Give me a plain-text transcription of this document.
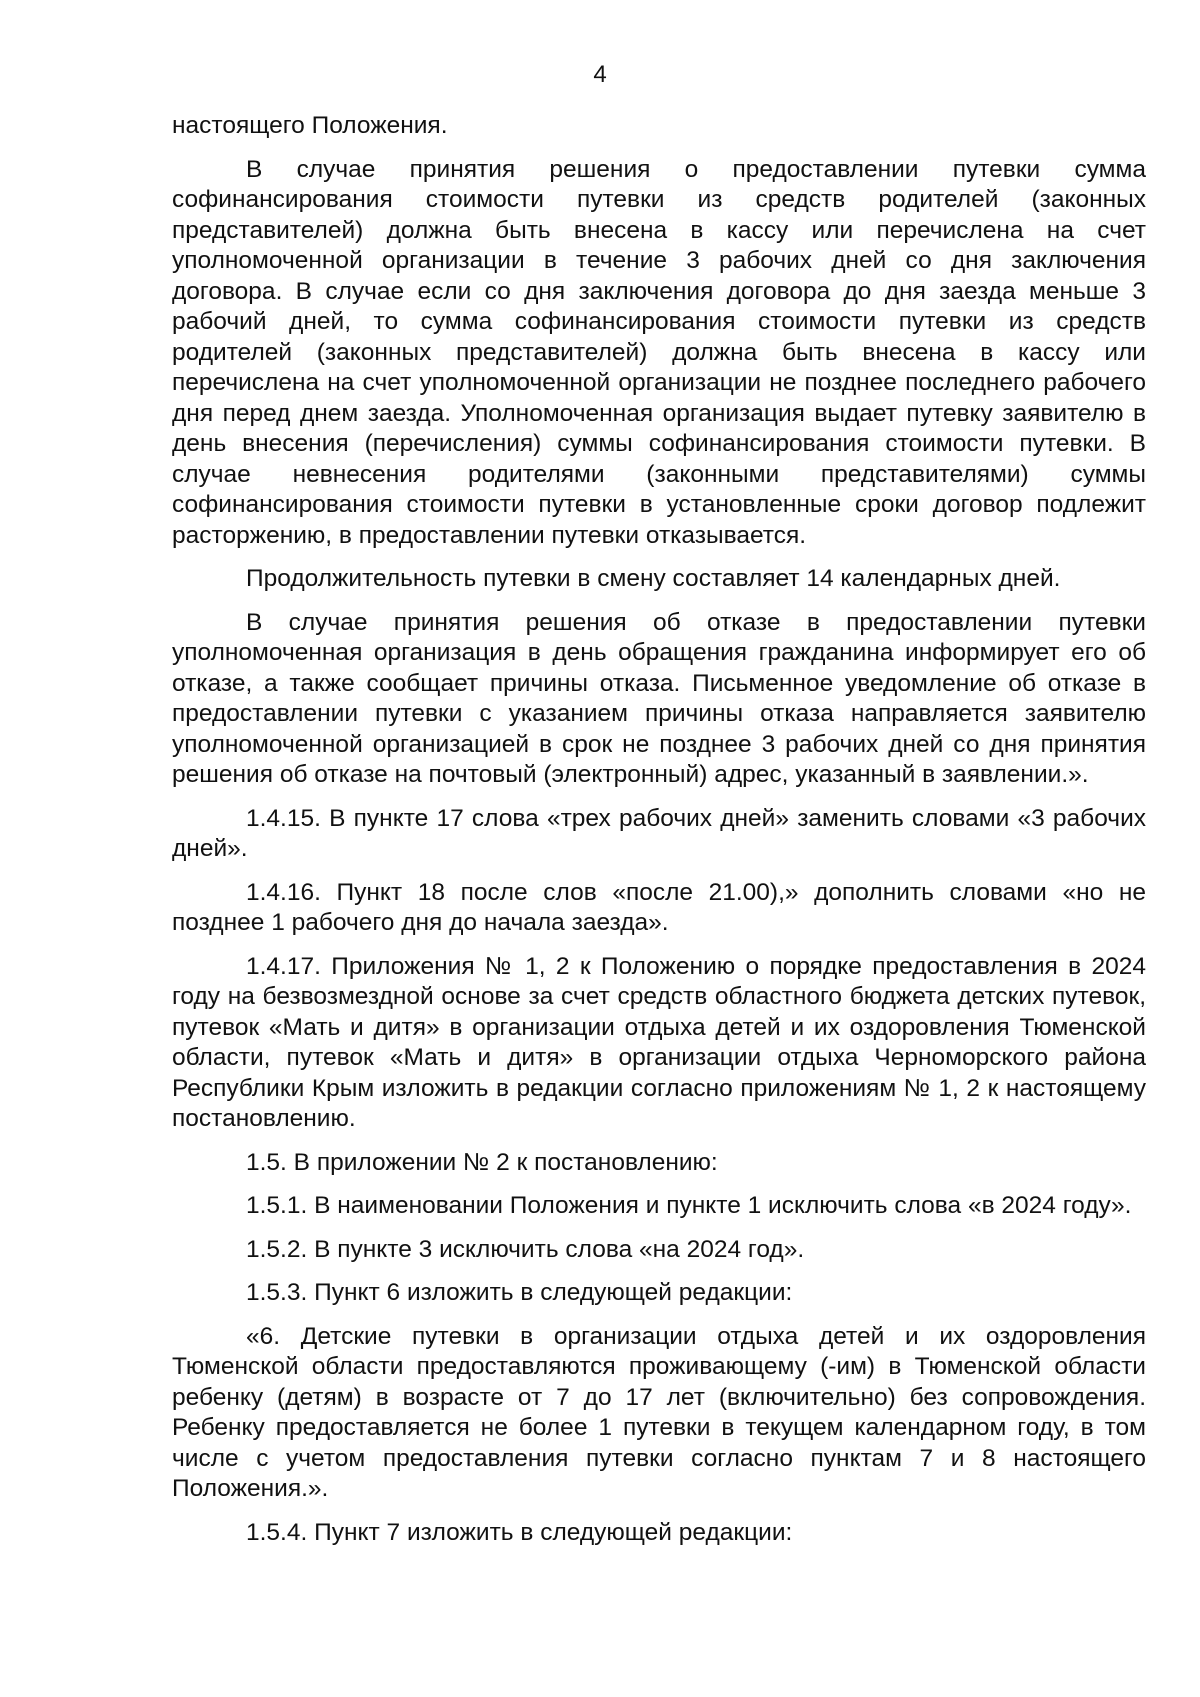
4

настоящего Положения.

В случае принятия решения о предоставлении путевки сумма софинансирования стоимости путевки из средств родителей (законных представителей) должна быть внесена в кассу или перечислена на счет уполномоченной организации в течение 3 рабочих дней со дня заключения договора. В случае если со дня заключения договора до дня заезда меньше 3 рабочий дней, то сумма софинансирования стоимости путевки из средств родителей (законных представителей) должна быть внесена в кассу или перечислена на счет уполномоченной организации не позднее последнего рабочего дня перед днем заезда. Уполномоченная организация выдает путевку заявителю в день внесения (перечисления) суммы софинансирования стоимости путевки. В случае невнесения родителями (законными представителями) суммы софинансирования стоимости путевки в установленные сроки договор подлежит расторжению, в предоставлении путевки отказывается.

Продолжительность путевки в смену составляет 14 календарных дней.

В случае принятия решения об отказе в предоставлении путевки уполномоченная организация в день обращения гражданина информирует его об отказе, а также сообщает причины отказа. Письменное уведомление об отказе в предоставлении путевки с указанием причины отказа направляется заявителю уполномоченной организацией в срок не позднее 3 рабочих дней со дня принятия решения об отказе на почтовый (электронный) адрес, указанный в заявлении.».

1.4.15. В пункте 17 слова «трех рабочих дней» заменить словами «3 рабочих дней».

1.4.16. Пункт 18 после слов «после 21.00),» дополнить словами «но не позднее 1 рабочего дня до начала заезда».

1.4.17. Приложения № 1, 2 к Положению о порядке предоставления в 2024 году на безвозмездной основе за счет средств областного бюджета детских путевок, путевок «Мать и дитя» в организации отдыха детей и их оздоровления Тюменской области, путевок «Мать и дитя» в организации отдыха Черноморского района Республики Крым изложить в редакции согласно приложениям № 1, 2 к настоящему постановлению.

1.5. В приложении № 2 к постановлению:

1.5.1. В наименовании Положения и пункте 1 исключить слова «в 2024 году».

1.5.2. В пункте 3 исключить слова «на 2024 год».

1.5.3. Пункт 6 изложить в следующей редакции:

«6. Детские путевки в организации отдыха детей и их оздоровления Тюменской области предоставляются проживающему (-им) в Тюменской области ребенку (детям) в возрасте от 7 до 17 лет (включительно) без сопровождения. Ребенку предоставляется не более 1 путевки в текущем календарном году, в том числе с учетом предоставления путевки согласно пунктам 7 и 8 настоящего Положения.».

1.5.4. Пункт 7 изложить в следующей редакции:
